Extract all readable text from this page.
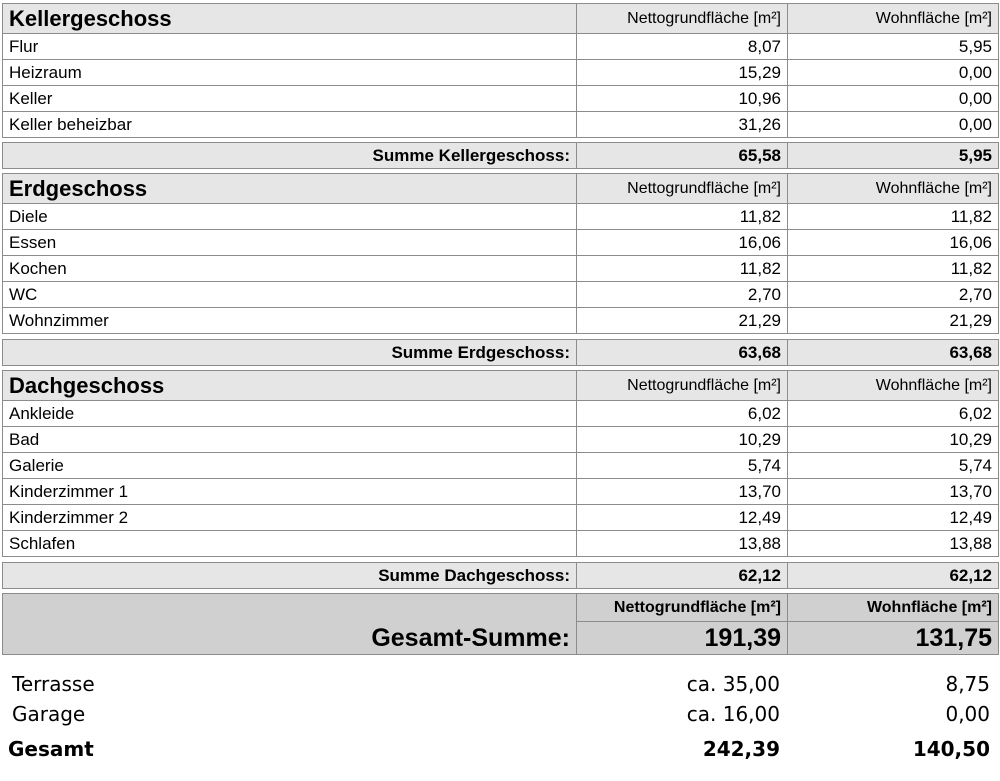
Kellergeschoss	Nettogrundfläche [m²]	Wohnfläche [m²]
Flur	8,07	5,95
Heizraum	15,29	0,00
Keller	10,96	0,00
Keller beheizbar	31,26	0,00
Summe Kellergeschoss:	65,58	5,95
Erdgeschoss	Nettogrundfläche [m²]	Wohnfläche [m²]
Diele	11,82	11,82
Essen	16,06	16,06
Kochen	11,82	11,82
WC	2,70	2,70
Wohnzimmer	21,29	21,29
Summe Erdgeschoss:	63,68	63,68
Dachgeschoss	Nettogrundfläche [m²]	Wohnfläche [m²]
Ankleide	6,02	6,02
Bad	10,29	10,29
Galerie	5,74	5,74
Kinderzimmer 1	13,70	13,70
Kinderzimmer 2	12,49	12,49
Schlafen	13,88	13,88
Summe Dachgeschoss:	62,12	62,12
	Nettogrundfläche [m²]	Wohnfläche [m²]
Gesamt-Summe:	191,39	131,75
Terrasse	ca. 35,00	8,75
Garage	ca. 16,00	0,00
Gesamt	242,39	140,50
